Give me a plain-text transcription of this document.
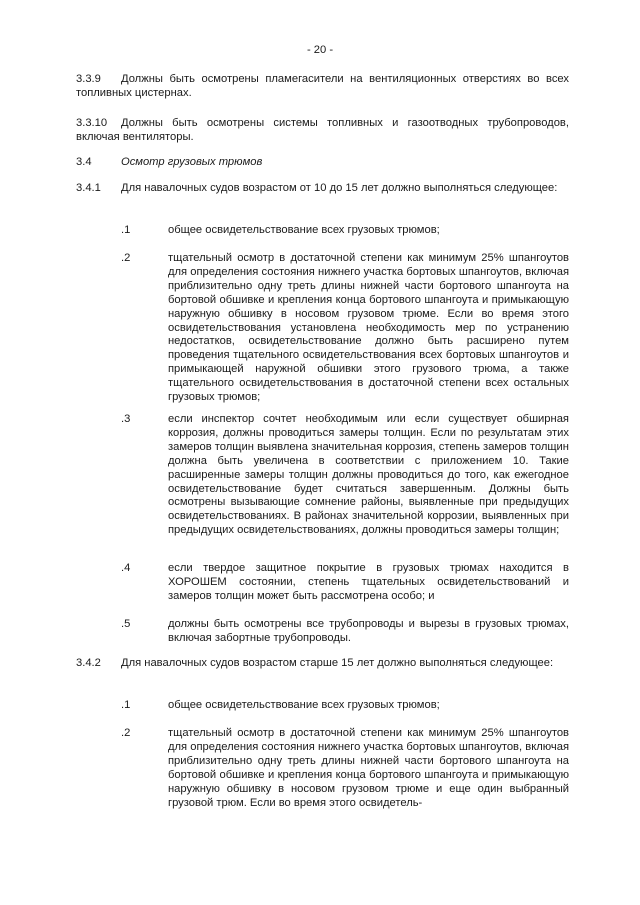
- 20 -
3.3.9	Должны быть осмотрены пламегасители на вентиляционных отверстиях во всех топливных цистернах.

3.3.10	Должны быть осмотрены системы топливных и газоотводных трубопроводов, включая вентиляторы.

3.4	Осмотр грузовых трюмов
3.4.1	Для навалочных судов возрастом от 10 до 15 лет должно выполняться следующее:

.1	общее освидетельствование всех грузовых трюмов;

.2	тщательный осмотр в достаточной степени как минимум 25% шпангоутов для определения состояния нижнего участка бортовых шпангоутов, включая приблизительно одну треть длины нижней части бортового шпангоута на бортовой обшивке и крепления конца бортового шпангоута и примыкающую наружную обшивку в носовом грузовом трюме. Если во время этого освидетельствования установлена необходимость мер по устранению недостатков, освидетельствование должно быть расширено путем проведения тщательного освидетельствования всех бортовых шпангоутов и примыкающей наружной обшивки этого грузового трюма, а также тщательного освидетельствования в достаточной степени всех остальных грузовых трюмов;

.3	если инспектор сочтет необходимым или если существует обширная коррозия, должны проводиться замеры толщин. Если по результатам этих замеров толщин выявлена значительная коррозия, степень замеров толщин должна быть увеличена в соответствии с приложением 10. Такие расширенные замеры толщин должны проводиться до того, как ежегодное освидетельствование будет считаться завершенным. Должны быть осмотрены вызывающие сомнение районы, выявленные при предыдущих освидетельствованиях. В районах значительной коррозии, выявленных при предыдущих освидетельствованиях, должны проводиться замеры толщин;

.4	если твердое защитное покрытие в грузовых трюмах находится в ХОРОШЕМ состоянии, степень тщательных освидетельствований и замеров толщин может быть рассмотрена особо; и

.5	должны быть осмотрены все трубопроводы и вырезы в грузовых трюмах, включая забортные трубопроводы.

3.4.2	Для навалочных судов возрастом старше 15 лет должно выполняться следующее:

.1	общее освидетельствование всех грузовых трюмов;

.2	тщательный осмотр в достаточной степени как минимум 25% шпангоутов для определения состояния нижнего участка бортовых шпангоутов, включая приблизительно одну треть длины нижней части бортового шпангоута на бортовой обшивке и крепления конца бортового шпангоута и примыкающую наружную обшивку в носовом грузовом трюме и еще один выбранный грузовой трюм. Если во время этого освидетель-
